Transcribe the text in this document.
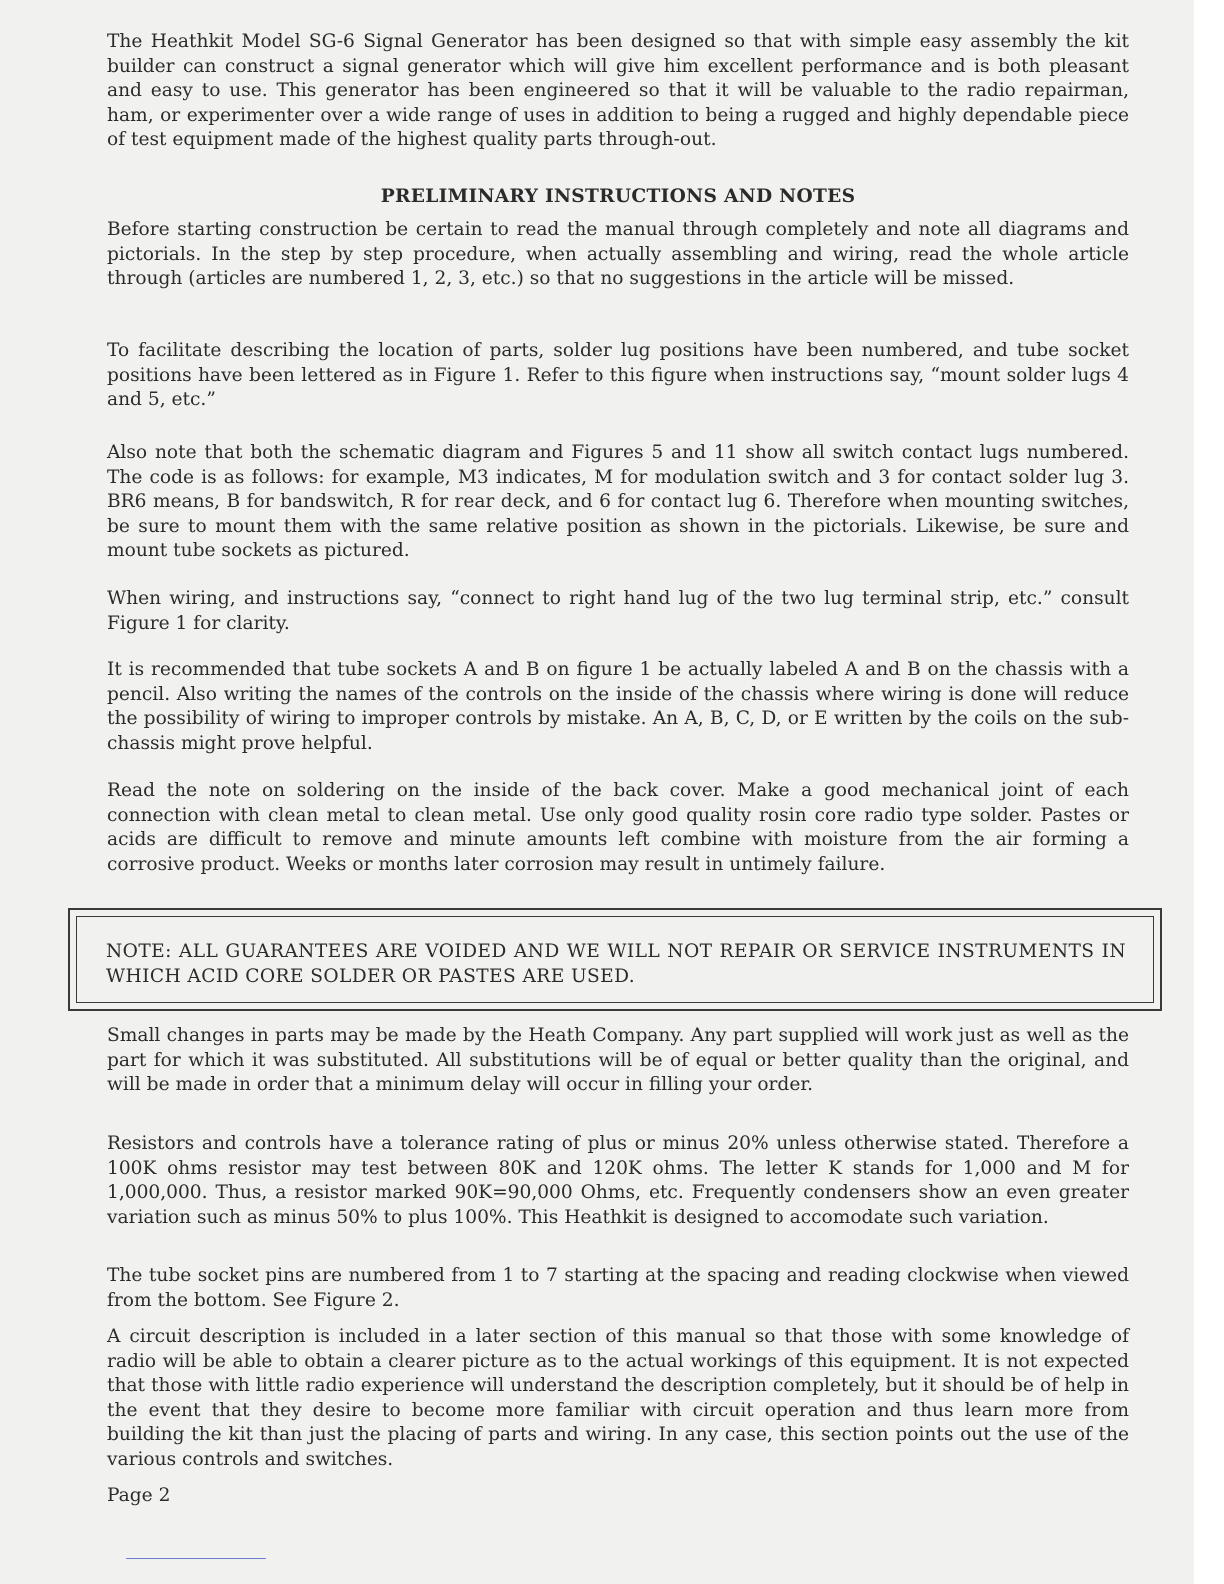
The Heathkit Model SG-6 Signal Generator has been designed so that with simple easy assembly the kit builder can construct a signal generator which will give him excellent performance and is both pleasant and easy to use. This generator has been engineered so that it will be valuable to the radio repairman, ham, or experimenter over a wide range of uses in addition to being a rugged and highly dependable piece of test equipment made of the highest quality parts through-out.

PRELIMINARY INSTRUCTIONS AND NOTES

Before starting construction be certain to read the manual through completely and note all diagrams and pictorials. In the step by step procedure, when actually assembling and wiring, read the whole article through (articles are numbered 1, 2, 3, etc.) so that no suggestions in the article will be missed.

To facilitate describing the location of parts, solder lug positions have been numbered, and tube socket positions have been lettered as in Figure 1. Refer to this figure when instructions say, “mount solder lugs 4 and 5, etc.”

Also note that both the schematic diagram and Figures 5 and 11 show all switch contact lugs numbered. The code is as follows: for example, M3 indicates, M for modulation switch and 3 for contact solder lug 3. BR6 means, B for bandswitch, R for rear deck, and 6 for contact lug 6. Therefore when mounting switches, be sure to mount them with the same relative position as shown in the pictorials. Likewise, be sure and mount tube sockets as pictured.

When wiring, and instructions say, “connect to right hand lug of the two lug terminal strip, etc.” consult Figure 1 for clarity.

It is recommended that tube sockets A and B on figure 1 be actually labeled A and B on the chassis with a pencil. Also writing the names of the controls on the inside of the chassis where wiring is done will reduce the possibility of wiring to improper controls by mistake. An A, B, C, D, or E written by the coils on the sub-chassis might prove helpful.

Read the note on soldering on the inside of the back cover. Make a good mechanical joint of each connection with clean metal to clean metal. Use only good quality rosin core radio type solder. Pastes or acids are difficult to remove and minute amounts left combine with moisture from the air forming a corrosive product. Weeks or months later corrosion may result in untimely failure.

NOTE: ALL GUARANTEES ARE VOIDED AND WE WILL NOT REPAIR OR SERVICE INSTRUMENTS IN WHICH ACID CORE SOLDER OR PASTES ARE USED.

Small changes in parts may be made by the Heath Company. Any part supplied will work just as well as the part for which it was substituted. All substitutions will be of equal or better quality than the original, and will be made in order that a minimum delay will occur in filling your order.

Resistors and controls have a tolerance rating of plus or minus 20% unless otherwise stated. Therefore a 100K ohms resistor may test between 80K and 120K ohms. The letter K stands for 1,000 and M for 1,000,000. Thus, a resistor marked 90K=90,000 Ohms, etc. Frequently condensers show an even greater variation such as minus 50% to plus 100%. This Heathkit is designed to accomodate such variation.

The tube socket pins are numbered from 1 to 7 starting at the spacing and reading clockwise when viewed from the bottom. See Figure 2.

A circuit description is included in a later section of this manual so that those with some knowledge of radio will be able to obtain a clearer picture as to the actual workings of this equipment. It is not expected that those with little radio experience will understand the description completely, but it should be of help in the event that they desire to become more familiar with circuit operation and thus learn more from building the kit than just the placing of parts and wiring. In any case, this section points out the use of the various controls and switches.

Page 2
